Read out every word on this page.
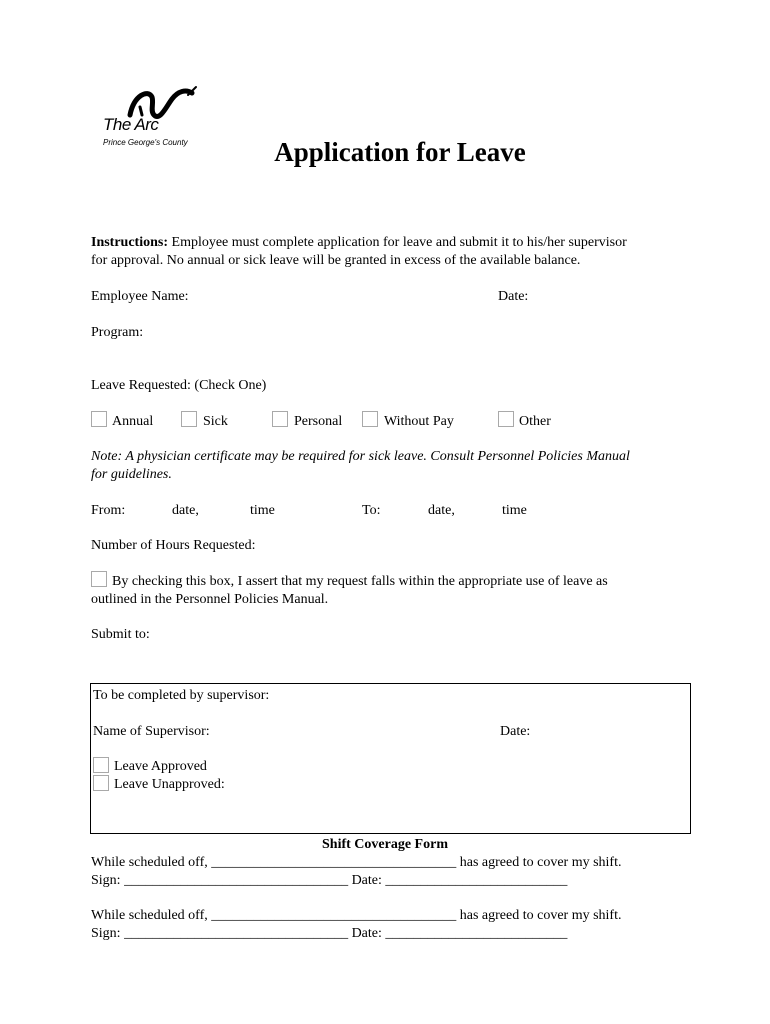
The Arc
Prince George's County	Application for Leave
Instructions: Employee must complete application for leave and submit it to his/her supervisor
for approval. No annual or sick leave will be granted in excess of the available balance.
Employee Name:	Date:
Program:
Leave Requested: (Check One)
Annual	Sick	Personal	Without Pay	Other
Note: A physician certificate may be required for sick leave. Consult Personnel Policies Manual
for guidelines.
From:	date,	time	To:	date,	time
Number of Hours Requested:
By checking this box, I assert that my request falls within the appropriate use of leave as
outlined in the Personnel Policies Manual.
Submit to:
To be completed by supervisor:
Name of Supervisor:	Date:
Leave Approved
Leave Unapproved:
Shift Coverage Form
While scheduled off, ___________________________________ has agreed to cover my shift.
Sign: ________________________________ Date: __________________________
While scheduled off, ___________________________________ has agreed to cover my shift.
Sign: ________________________________ Date: __________________________
